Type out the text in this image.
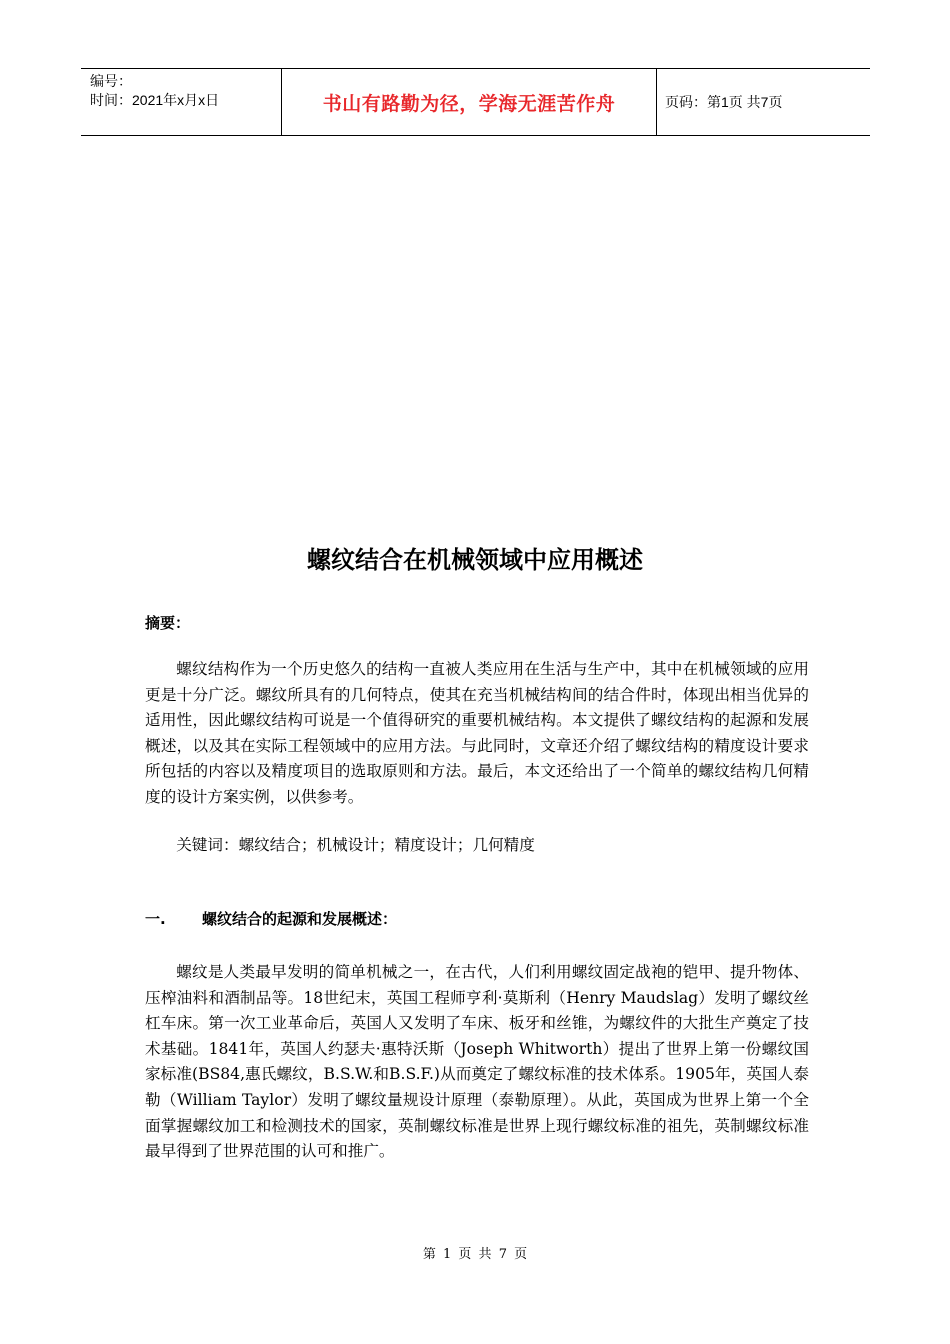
编号：
时间：2021年x月x日	书山有路勤为径，学海无涯苦作舟	页码：第1页 共7页
螺纹结合在机械领域中应用概述
摘要：

螺纹结构作为一个历史悠久的结构一直被人类应用在生活与生产中，其中在机械领域的应用更是十分广泛。螺纹所具有的几何特点，使其在充当机械结构间的结合件时，体现出相当优异的适用性，因此螺纹结构可说是一个值得研究的重要机械结构。本文提供了螺纹结构的起源和发展概述，以及其在实际工程领域中的应用方法。与此同时，文章还介绍了螺纹结构的精度设计要求所包括的内容以及精度项目的选取原则和方法。最后，本文还给出了一个简单的螺纹结构几何精度的设计方案实例，以供参考。

关键词：螺纹结合；机械设计；精度设计；几何精度

一. 螺纹结合的起源和发展概述：

螺纹是人类最早发明的简单机械之一，在古代，人们利用螺纹固定战袍的铠甲、提升物体、压榨油料和酒制品等。18世纪末，英国工程师亨利·莫斯利（Henry Maudslag）发明了螺纹丝杠车床。第一次工业革命后，英国人又发明了车床、板牙和丝锥，为螺纹件的大批生产奠定了技术基础。1841年，英国人约瑟夫·惠特沃斯（Joseph Whitworth）提出了世界上第一份螺纹国家标准(BS84,惠氏螺纹，B.S.W.和B.S.F.)从而奠定了螺纹标准的技术体系。1905年，英国人泰勒（William Taylor）发明了螺纹量规设计原理（泰勒原理）。从此，英国成为世界上第一个全面掌握螺纹加工和检测技术的国家，英制螺纹标准是世界上现行螺纹标准的祖先，英制螺纹标准最早得到了世界范围的认可和推广。

第 1 页 共 7 页
